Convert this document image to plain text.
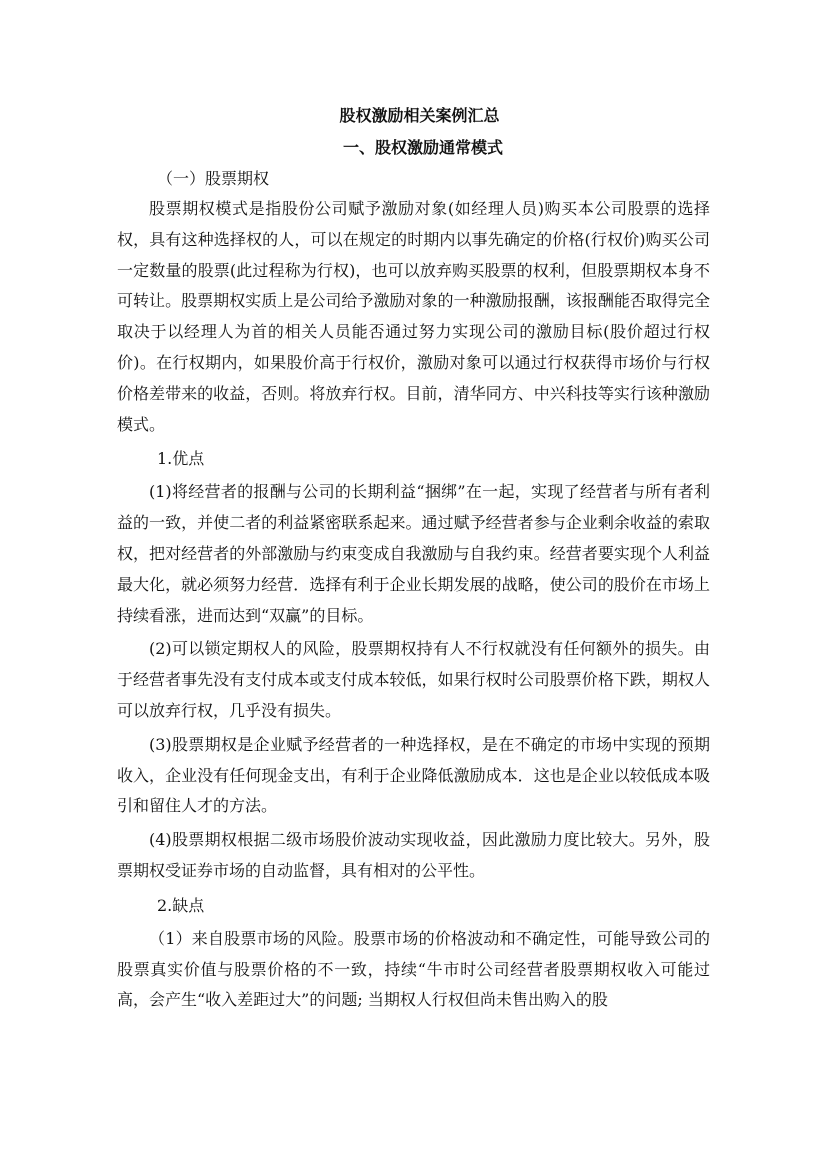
股权激励相关案例汇总
一、股权激励通常模式

（一）股票期权

股票期权模式是指股份公司赋予激励对象(如经理人员)购买本公司股票的选择权，具有这种选择权的人，可以在规定的时期内以事先确定的价格(行权价)购买公司一定数量的股票(此过程称为行权)，也可以放弃购买股票的权利，但股票期权本身不可转让。股票期权实质上是公司给予激励对象的一种激励报酬，该报酬能否取得完全取决于以经理人为首的相关人员能否通过努力实现公司的激励目标(股价超过行权价)。在行权期内，如果股价高于行权价，激励对象可以通过行权获得市场价与行权价格差带来的收益，否则。将放弃行权。目前，清华同方、中兴科技等实行该种激励模式。

1.优点

(1)将经营者的报酬与公司的长期利益“捆绑”在一起，实现了经营者与所有者利益的一致，并使二者的利益紧密联系起来。通过赋予经营者参与企业剩余收益的索取权，把对经营者的外部激励与约束变成自我激励与自我约束。经营者要实现个人利益最大化，就必须努力经营．选择有利于企业长期发展的战略，使公司的股价在市场上持续看涨，进而达到“双赢”的目标。

(2)可以锁定期权人的风险，股票期权持有人不行权就没有任何额外的损失。由于经营者事先没有支付成本或支付成本较低，如果行权时公司股票价格下跌，期权人可以放弃行权，几乎没有损失。

(3)股票期权是企业赋予经营者的一种选择权，是在不确定的市场中实现的预期收入，企业没有任何现金支出，有利于企业降低激励成本．这也是企业以较低成本吸引和留住人才的方法。

(4)股票期权根据二级市场股价波动实现收益，因此激励力度比较大。另外，股票期权受证券市场的自动监督，具有相对的公平性。

2.缺点

（1）来自股票市场的风险。股票市场的价格波动和不确定性，可能导致公司的股票真实价值与股票价格的不一致，持续“牛市时公司经营者股票期权收入可能过高，会产生“收入差距过大”的问题; 当期权人行权但尚未售出购入的股
